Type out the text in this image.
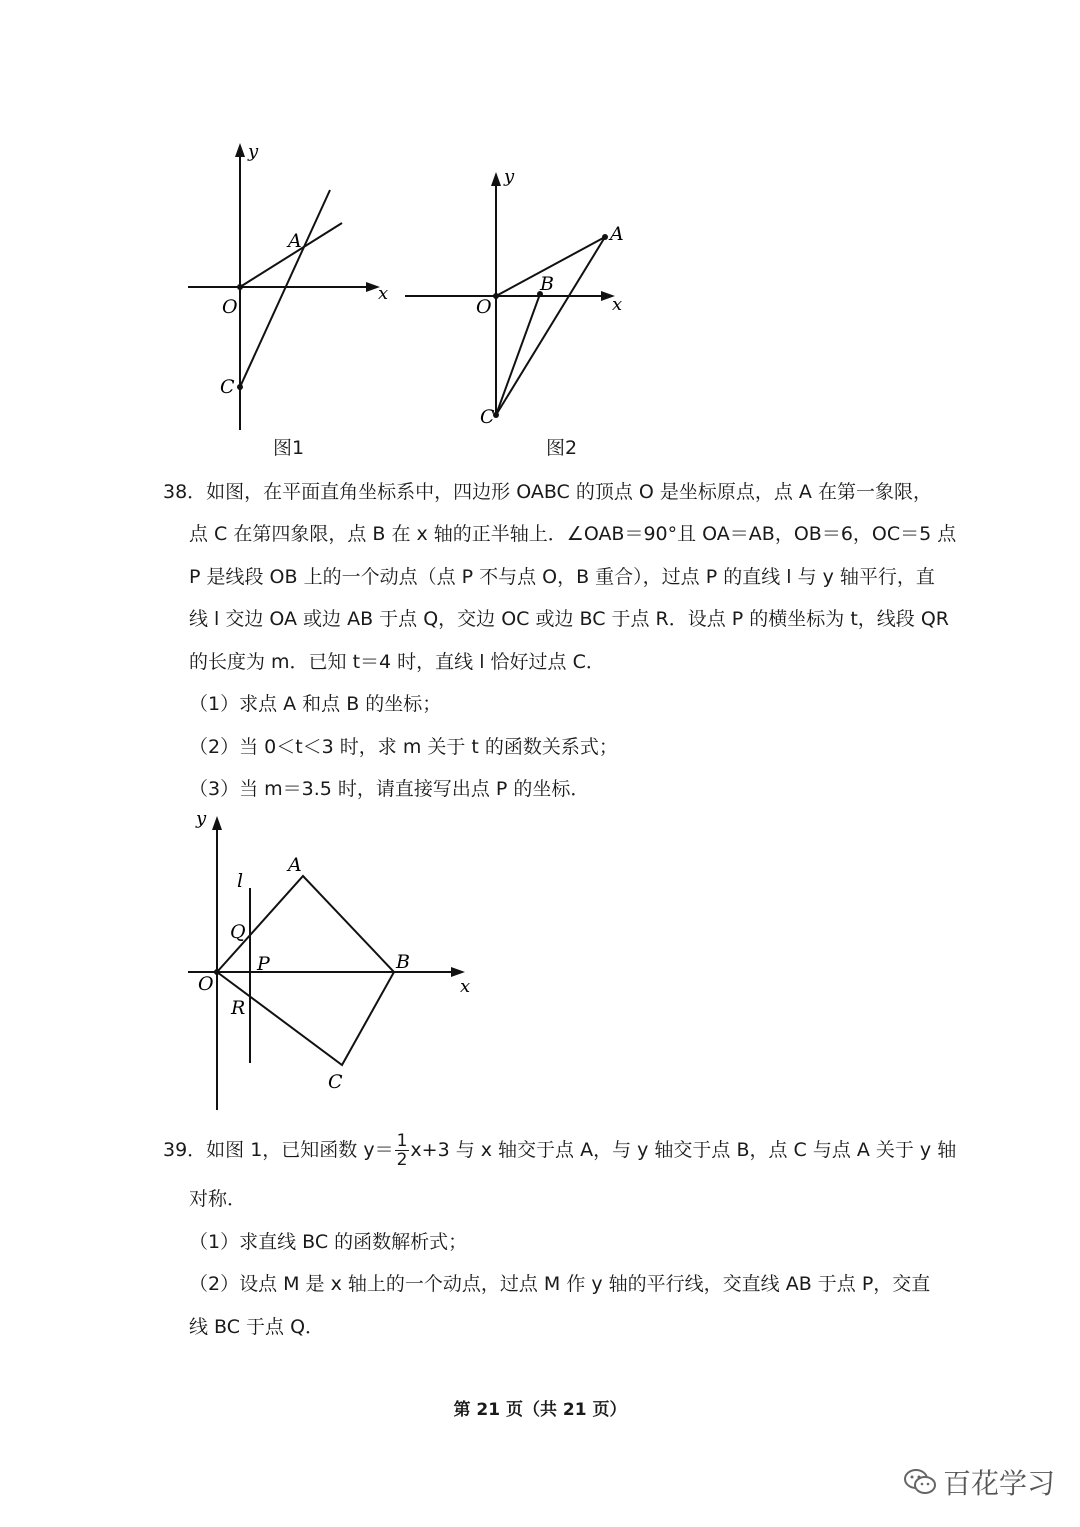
y
x
O
A
C
图1
y
x
O
A
B
C
图2
38．如图，在平面直角坐标系中，四边形 OABC 的顶点 O 是坐标原点，点 A 在第一象限，
点 C 在第四象限，点 B 在 x 轴的正半轴上．∠OAB＝90°且 OA＝AB，OB＝6，OC＝5 点
P 是线段 OB 上的一个动点（点 P 不与点 O，B 重合），过点 P 的直线 l 与 y 轴平行，直
线 l 交边 OA 或边 AB 于点 Q，交边 OC 或边 BC 于点 R．设点 P 的横坐标为 t，线段 QR
的长度为 m．已知 t＝4 时，直线 l 恰好过点 C．
（1）求点 A 和点 B 的坐标；
（2）当 0＜t＜3 时，求 m 关于 t 的函数关系式；
（3）当 m＝3.5 时，请直接写出点 P 的坐标．
y
x
O
A
B
C
P
Q
R
l
39．如图 1，已知函数 $y= \frac{1}{2} x+3$ 与 x 轴交于点 A，与 y 轴交于点 B，点 C 与点 A 关于 y 轴
对称．
（1）求直线 BC 的函数解析式；
（2）设点 M 是 x 轴上的一个动点，过点 M 作 y 轴的平行线，交直线 AB 于点 P，交直
线 BC 于点 Q．
第 21 页（共 21 页）
百花学习
